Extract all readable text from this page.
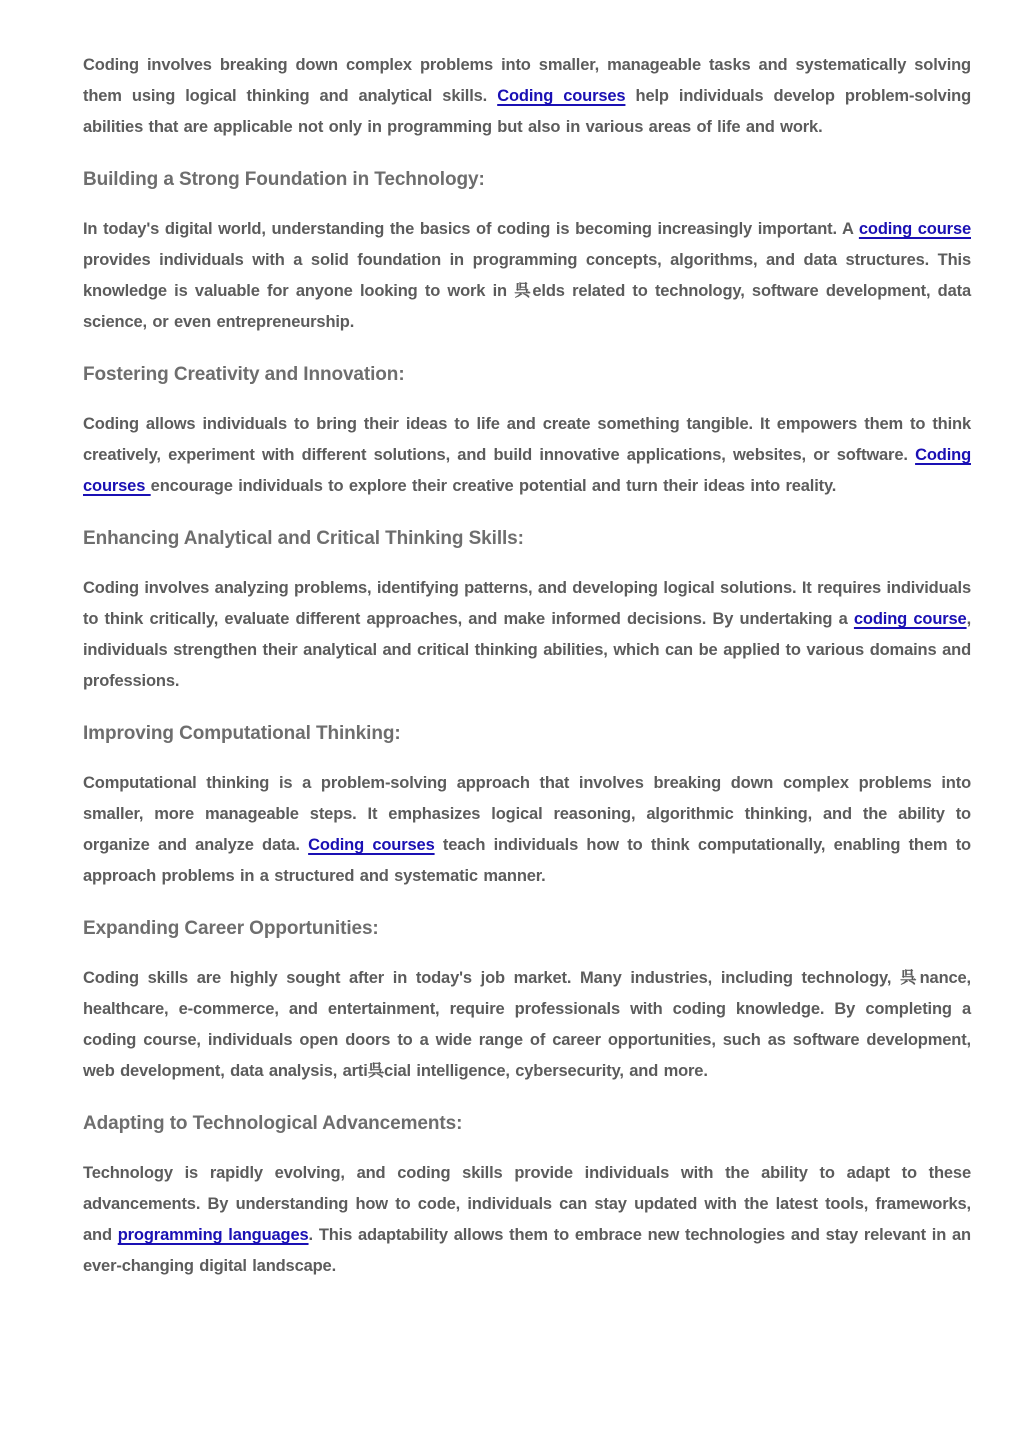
Coding involves breaking down complex problems into smaller, manageable tasks and systematically solving them using logical thinking and analytical skills. Coding courses help individuals develop problem-solving abilities that are applicable not only in programming but also in various areas of life and work.

Building a Strong Foundation in Technology:

In today's digital world, understanding the basics of coding is becoming increasingly important. A coding course provides individuals with a solid foundation in programming concepts, algorithms, and data structures. This knowledge is valuable for anyone looking to work in 呉elds related to technology, software development, data science, or even entrepreneurship.

Fostering Creativity and Innovation:

Coding allows individuals to bring their ideas to life and create something tangible. It empowers them to think creatively, experiment with different solutions, and build innovative applications, websites, or software. Coding courses encourage individuals to explore their creative potential and turn their ideas into reality.

Enhancing Analytical and Critical Thinking Skills:

Coding involves analyzing problems, identifying patterns, and developing logical solutions. It requires individuals to think critically, evaluate different approaches, and make informed decisions. By undertaking a coding course, individuals strengthen their analytical and critical thinking abilities, which can be applied to various domains and professions.

Improving Computational Thinking:

Computational thinking is a problem-solving approach that involves breaking down complex problems into smaller, more manageable steps. It emphasizes logical reasoning, algorithmic thinking, and the ability to organize and analyze data. Coding courses teach individuals how to think computationally, enabling them to approach problems in a structured and systematic manner.

Expanding Career Opportunities:

Coding skills are highly sought after in today's job market. Many industries, including technology, 呉nance, healthcare, e-commerce, and entertainment, require professionals with coding knowledge. By completing a coding course, individuals open doors to a wide range of career opportunities, such as software development, web development, data analysis, arti呉cial intelligence, cybersecurity, and more.

Adapting to Technological Advancements:

Technology is rapidly evolving, and coding skills provide individuals with the ability to adapt to these advancements. By understanding how to code, individuals can stay updated with the latest tools, frameworks, and programming languages. This adaptability allows them to embrace new technologies and stay relevant in an ever-changing digital landscape.
